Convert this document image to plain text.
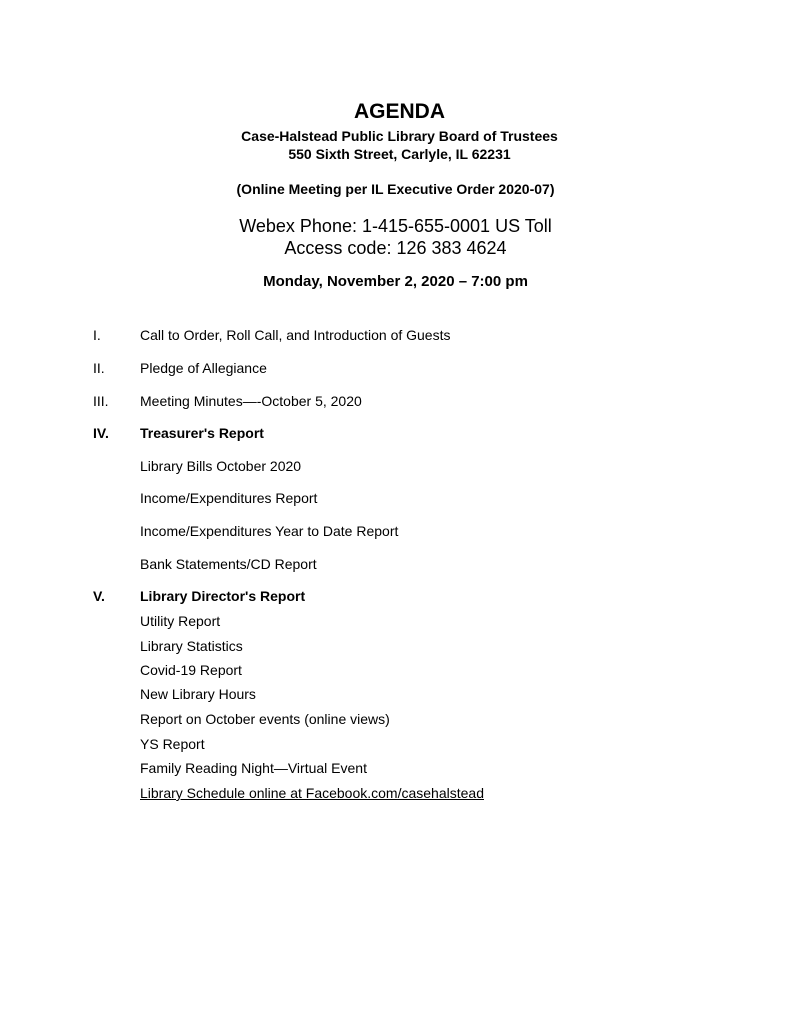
AGENDA
Case-Halstead Public Library Board of Trustees
550 Sixth Street, Carlyle, IL 62231
(Online Meeting per IL Executive Order 2020-07)
Webex Phone: 1-415-655-0001 US Toll
Access code: 126 383 4624
Monday, November 2, 2020 – 7:00 pm
I.	Call to Order, Roll Call, and Introduction of Guests
II.	Pledge of Allegiance
III. Meeting Minutes—-October 5, 2020
IV. Treasurer's Report
Library Bills October 2020
Income/Expenditures Report
Income/Expenditures Year to Date Report
Bank Statements/CD Report
V.	Library Director's Report
Utility Report
Library Statistics
Covid-19 Report
New Library Hours
Report on October events (online views)
YS Report
Family Reading Night—Virtual Event
Library Schedule online at Facebook.com/casehalstead
